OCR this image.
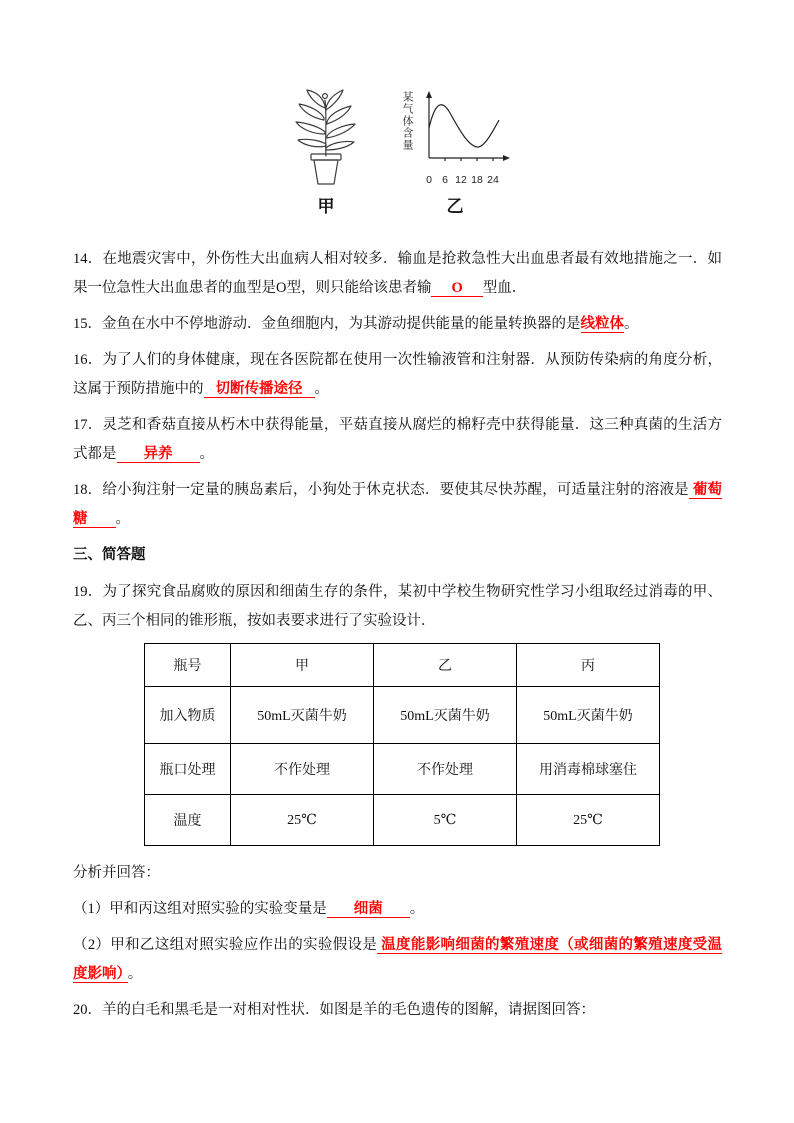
甲
某气体含量
0 6 12 18 24
乙

14．在地震灾害中，外伤性大出血病人相对较多．输血是抢救急性大出血患者最有效地措施之一．如果一位急性大出血患者的血型是O型，则只能给该患者输 O 型血．

15．金鱼在水中不停地游动．金鱼细胞内，为其游动提供能量的能量转换器的是线粒体。

16．为了人们的身体健康，现在各医院都在使用一次性输液管和注射器．从预防传染病的角度分析，这属于预防措施中的 切断传播途径 。

17．灵芝和香菇直接从朽木中获得能量，平菇直接从腐烂的棉籽壳中获得能量．这三种真菌的生活方式都是 异养 。

18．给小狗注射一定量的胰岛素后，小狗处于休克状态．要使其尽快苏醒，可适量注射的溶液是 葡萄糖 。

三、简答题

19．为了探究食品腐败的原因和细菌生存的条件，某初中学校生物研究性学习小组取经过消毒的甲、乙、丙三个相同的锥形瓶，按如表要求进行了实验设计．

瓶号	甲	乙	丙
加入物质	50mL灭菌牛奶	50mL灭菌牛奶	50mL灭菌牛奶
瓶口处理	不作处理	不作处理	用消毒棉球塞住
温度	25℃	5℃	25℃

分析并回答：

（1）甲和丙这组对照实验的实验变量是 细菌 。

（2）甲和乙这组对照实验应作出的实验假设是 温度能影响细菌的繁殖速度（或细菌的繁殖速度受温度影响） 。

20．羊的白毛和黑毛是一对相对性状．如图是羊的毛色遗传的图解，请据图回答：
